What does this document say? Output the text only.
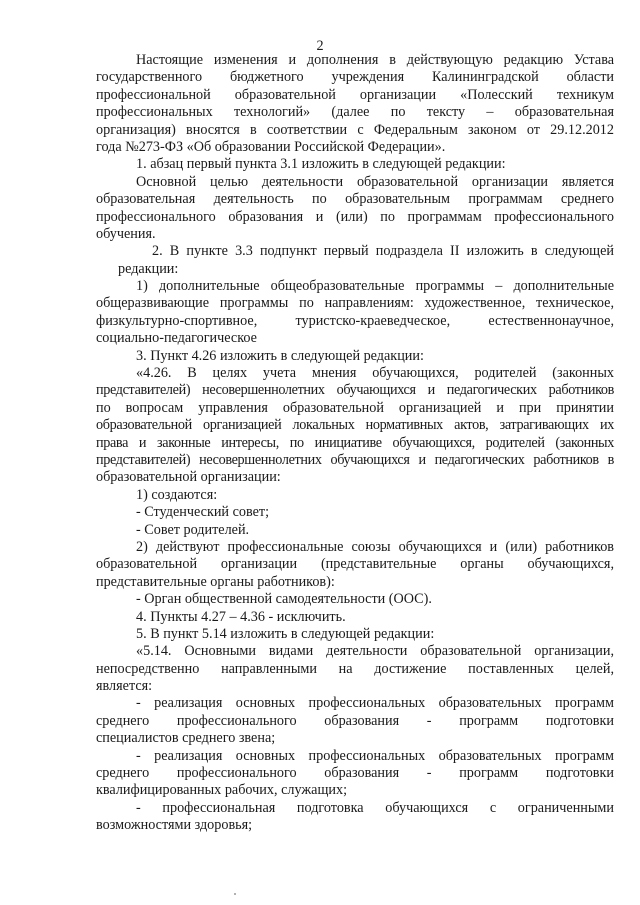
2
Настоящие изменения и дополнения в действующую редакцию Устава
государственного бюджетного учреждения Калининградской области
профессиональной образовательной организации «Полесский техникум
профессиональных технологий» (далее по тексту – образовательная
организация) вносятся в соответствии с Федеральным законом от 29.12.2012
года №273-ФЗ «Об образовании Российской Федерации».
1. абзац первый пункта 3.1 изложить в следующей редакции:
Основной целью деятельности образовательной организации является
образовательная деятельность по образовательным программам среднего
профессионального образования и (или) по программам профессионального
обучения.
2. В пункте 3.3 подпункт первый подраздела II изложить в следующей
редакции:
1) дополнительные общеобразовательные программы – дополнительные
общеразвивающие программы по направлениям: художественное, техническое,
физкультурно-спортивное, туристско-краеведческое, естественнонаучное,
социально-педагогическое
3. Пункт 4.26 изложить в следующей редакции:
«4.26. В целях учета мнения обучающихся, родителей (законных
представителей) несовершеннолетних обучающихся и педагогических работников
по вопросам управления образовательной организацией и при принятии
образовательной организацией локальных нормативных актов, затрагивающих их
права и законные интересы, по инициативе обучающихся, родителей (законных
представителей) несовершеннолетних обучающихся и педагогических работников в
образовательной организации:
1) создаются:
- Студенческий совет;
- Совет родителей.
2) действуют профессиональные союзы обучающихся и (или) работников
образовательной организации (представительные органы обучающихся,
представительные органы работников):
- Орган общественной самодеятельности (ООС).
4. Пункты 4.27 – 4.36 - исключить.
5. В пункт 5.14 изложить в следующей редакции:
«5.14. Основными видами деятельности образовательной организации,
непосредственно направленными на достижение поставленных целей,
является:
- реализация основных профессиональных образовательных программ
среднего профессионального образования - программ подготовки
специалистов среднего звена;
- реализация основных профессиональных образовательных программ
среднего профессионального образования - программ подготовки
квалифицированных рабочих, служащих;
- профессиональная подготовка обучающихся с ограниченными
возможностями здоровья;
